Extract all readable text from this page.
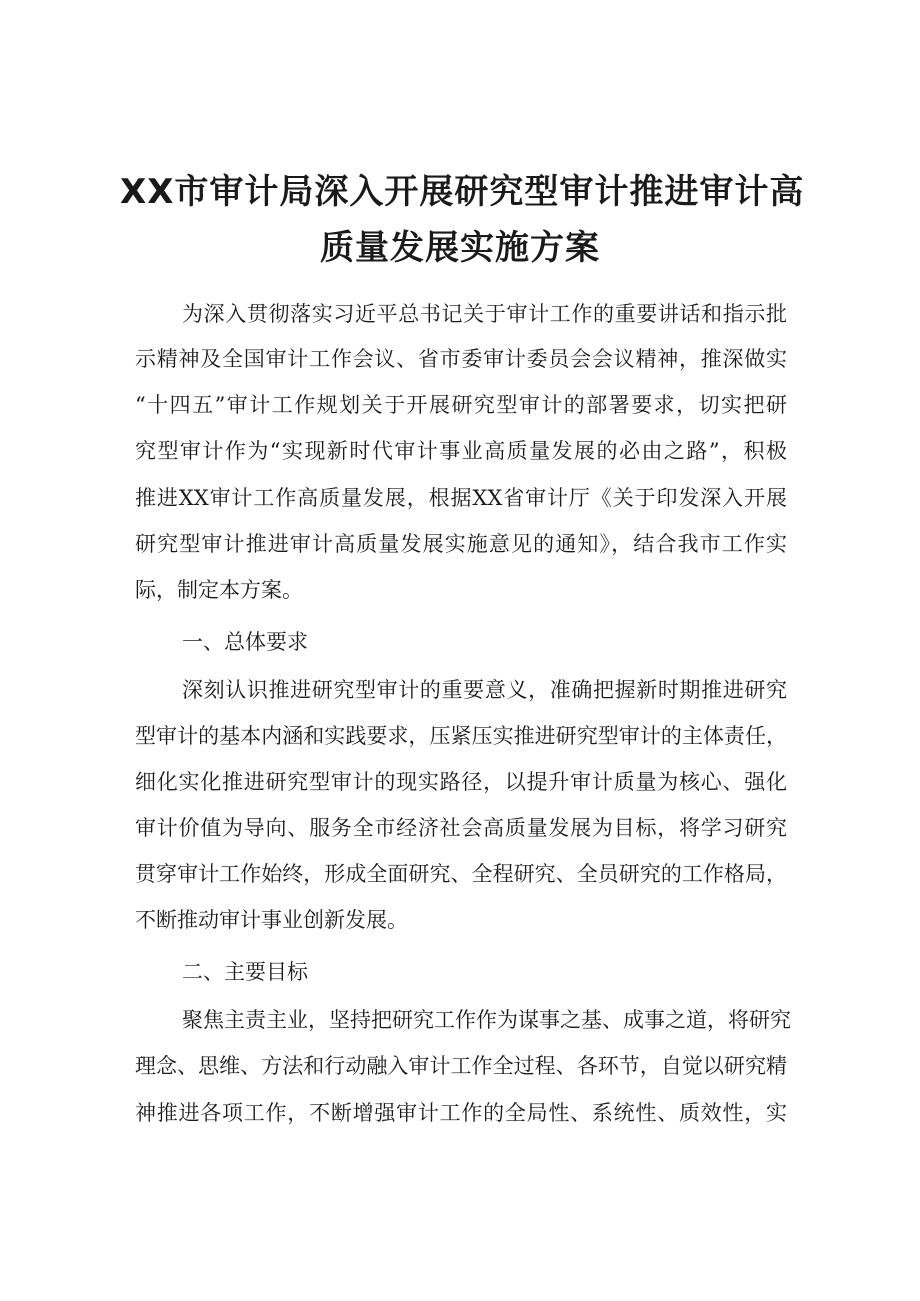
XX市审计局深入开展研究型审计推进审计高
质量发展实施方案
为深入贯彻落实习近平总书记关于审计工作的重要讲话和指示批
示精神及全国审计工作会议、省市委审计委员会会议精神，推深做实
“十四五”审计工作规划关于开展研究型审计的部署要求，切实把研
究型审计作为“实现新时代审计事业高质量发展的必由之路”，积极
推进XX审计工作高质量发展，根据XX省审计厅《关于印发深入开展
研究型审计推进审计高质量发展实施意见的通知》，结合我市工作实
际，制定本方案。
一、总体要求
深刻认识推进研究型审计的重要意义，准确把握新时期推进研究
型审计的基本内涵和实践要求，压紧压实推进研究型审计的主体责任，
细化实化推进研究型审计的现实路径，以提升审计质量为核心、强化
审计价值为导向、服务全市经济社会高质量发展为目标，将学习研究
贯穿审计工作始终，形成全面研究、全程研究、全员研究的工作格局，
不断推动审计事业创新发展。
二、主要目标
聚焦主责主业，坚持把研究工作作为谋事之基、成事之道，将研究
理念、思维、方法和行动融入审计工作全过程、各环节，自觉以研究精
神推进各项工作，不断增强审计工作的全局性、系统性、质效性，实
